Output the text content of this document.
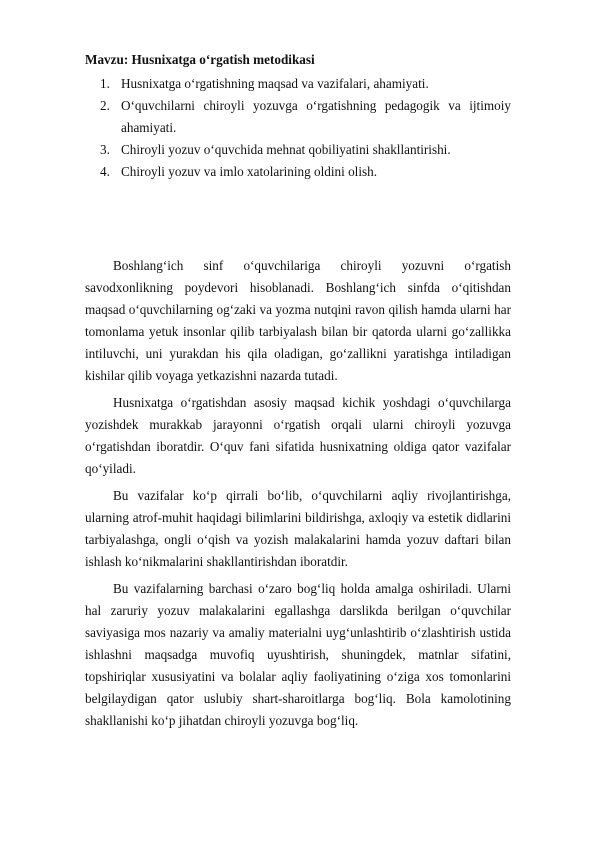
Mavzu: Husnixatga o‘rgatish metodikasi
1. Husnixatga o‘rgatishning maqsad va vazifalari, ahamiyati.
2. O‘quvchilarni chiroyli yozuvga o‘rgatishning pedagogik va ijtimoiy ahamiyati.
3. Chiroyli yozuv o‘quvchida mehnat qobiliyatini shakllantirishi.
4. Chiroyli yozuv va imlo xatolarining oldini olish.

Boshlang‘ich sinf o‘quvchilariga chiroyli yozuvni o‘rgatish savodxonlikning poydevori hisoblanadi. Boshlang‘ich sinfda o‘qitishdan maqsad o‘quvchilarning og‘zaki va yozma nutqini ravon qilish hamda ularni har tomonlama yetuk insonlar qilib tarbiyalash bilan bir qatorda ularni go‘zallikka intiluvchi, uni yurakdan his qila oladigan, go‘zallikni yaratishga intiladigan kishilar qilib voyaga yetkazishni nazarda tutadi.

Husnixatga o‘rgatishdan asosiy maqsad kichik yoshdagi o‘quvchilarga yozishdek murakkab jarayonni o‘rgatish orqali ularni chiroyli yozuvga o‘rgatishdan iboratdir. O‘quv fani sifatida husnixatning oldiga qator vazifalar qo‘yiladi.

Bu vazifalar ko‘p qirrali bo‘lib, o‘quvchilarni aqliy rivojlantirishga, ularning atrof-muhit haqidagi bilimlarini bildirishga, axloqiy va estetik didlarini tarbiyalashga, ongli o‘qish va yozish malakalarini hamda yozuv daftari bilan ishlash ko‘nikmalarini shakllantirishdan iboratdir.

Bu vazifalarning barchasi o‘zaro bog‘liq holda amalga oshiriladi. Ularni hal zaruriy yozuv malakalarini egallashga darslikda berilgan o‘quvchilar saviyasiga mos nazariy va amaliy materialni uyg‘unlashtirib o‘zlashtirish ustida ishlashni maqsadga muvofiq uyushtirish, shuningdek, matnlar sifatini, topshiriqlar xususiyatini va bolalar aqliy faoliyatining o‘ziga xos tomonlarini belgilaydigan qator uslubiy shart-sharoitlarga bog‘liq. Bola kamolotining shakllanishi ko‘p jihatdan chiroyli yozuvga bog‘liq.
